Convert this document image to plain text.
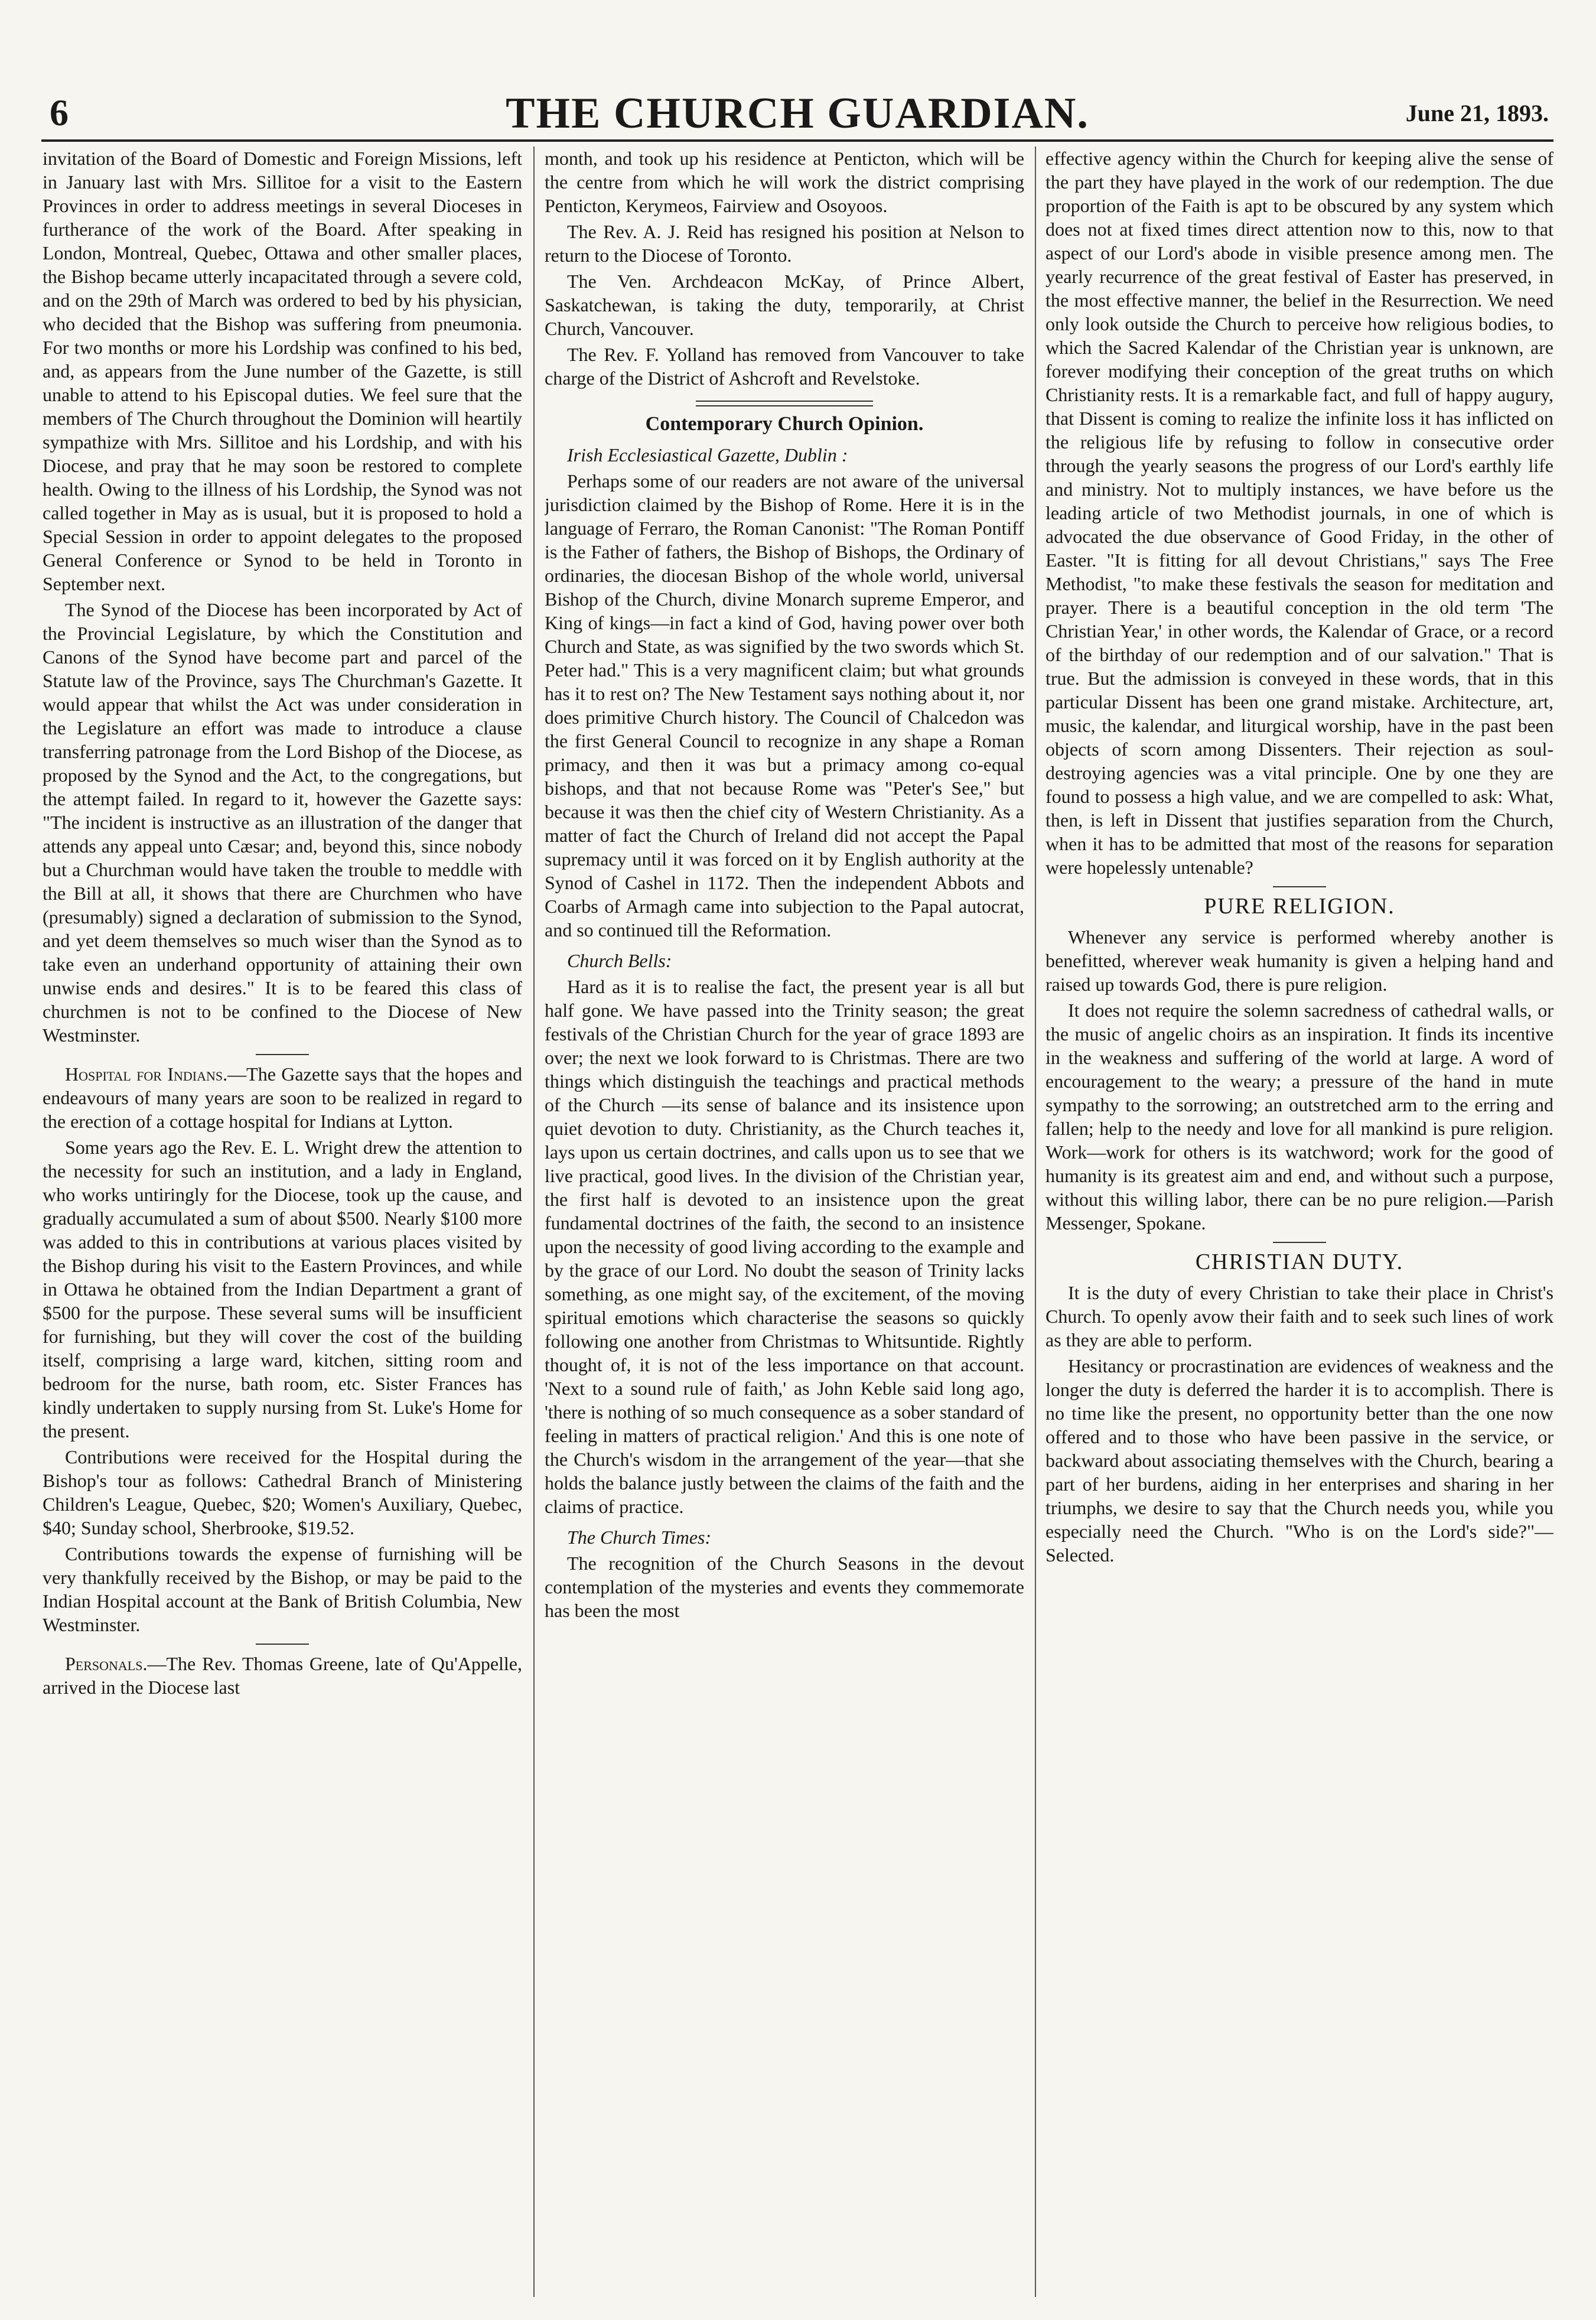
6	THE CHURCH GUARDIAN.	June 21, 1893.

invitation of the Board of Domestic and Foreign Missions, left in January last with Mrs. Sillitoe for a visit to the Eastern Provinces in order to address meetings in several Dioceses in furtherance of the work of the Board. After speaking in London, Montreal, Quebec, Ottawa and other smaller places, the Bishop became utterly incapacitated through a severe cold, and on the 29th of March was ordered to bed by his physician, who decided that the Bishop was suffering from pneumonia. For two months or more his Lordship was confined to his bed, and, as appears from the June number of the Gazette, is still unable to attend to his Episcopal duties. We feel sure that the members of The Church throughout the Dominion will heartily sympathize with Mrs. Sillitoe and his Lordship, and with his Diocese, and pray that he may soon be restored to complete health. Owing to the illness of his Lordship, the Synod was not called together in May as is usual, but it is proposed to hold a Special Session in order to appoint delegates to the proposed General Conference or Synod to be held in Toronto in September next.

The Synod of the Diocese has been incorporated by Act of the Provincial Legislature, by which the Constitution and Canons of the Synod have become part and parcel of the Statute law of the Province, says The Churchman's Gazette. It would appear that whilst the Act was under consideration in the Legislature an effort was made to introduce a clause transferring patronage from the Lord Bishop of the Diocese, as proposed by the Synod and the Act, to the congregations, but the attempt failed. In regard to it, however the Gazette says: "The incident is instructive as an illustration of the danger that attends any appeal unto Cæsar; and, beyond this, since nobody but a Churchman would have taken the trouble to meddle with the Bill at all, it shows that there are Churchmen who have (presumably) signed a declaration of submission to the Synod, and yet deem themselves so much wiser than the Synod as to take even an underhand opportunity of attaining their own unwise ends and desires." It is to be feared this class of churchmen is not to be confined to the Diocese of New Westminster.

Hospital for Indians.—The Gazette says that the hopes and endeavours of many years are soon to be realized in regard to the erection of a cottage hospital for Indians at Lytton.

Some years ago the Rev. E. L. Wright drew the attention to the necessity for such an institution, and a lady in England, who works untiringly for the Diocese, took up the cause, and gradually accumulated a sum of about $500. Nearly $100 more was added to this in contributions at various places visited by the Bishop during his visit to the Eastern Provinces, and while in Ottawa he obtained from the Indian Department a grant of $500 for the purpose. These several sums will be insufficient for furnishing, but they will cover the cost of the building itself, comprising a large ward, kitchen, sitting room and bedroom for the nurse, bath room, etc. Sister Frances has kindly undertaken to supply nursing from St. Luke's Home for the present.

Contributions were received for the Hospital during the Bishop's tour as follows: Cathedral Branch of Ministering Children's League, Quebec, $20; Women's Auxiliary, Quebec, $40; Sunday school, Sherbrooke, $19.52.

Contributions towards the expense of furnishing will be very thankfully received by the Bishop, or may be paid to the Indian Hospital account at the Bank of British Columbia, New Westminster.

Personals.—The Rev. Thomas Greene, late of Qu'Appelle, arrived in the Diocese last

month, and took up his residence at Penticton, which will be the centre from which he will work the district comprising Penticton, Kerymeos, Fairview and Osoyoos.

The Rev. A. J. Reid has resigned his position at Nelson to return to the Diocese of Toronto.

The Ven. Archdeacon McKay, of Prince Albert, Saskatchewan, is taking the duty, temporarily, at Christ Church, Vancouver.

The Rev. F. Yolland has removed from Vancouver to take charge of the District of Ashcroft and Revelstoke.

Contemporary Church Opinion.

Irish Ecclesiastical Gazette, Dublin :

Perhaps some of our readers are not aware of the universal jurisdiction claimed by the Bishop of Rome. Here it is in the language of Ferraro, the Roman Canonist: "The Roman Pontiff is the Father of fathers, the Bishop of Bishops, the Ordinary of ordinaries, the diocesan Bishop of the whole world, universal Bishop of the Church, divine Monarch supreme Emperor, and King of kings—in fact a kind of God, having power over both Church and State, as was signified by the two swords which St. Peter had." This is a very magnificent claim; but what grounds has it to rest on? The New Testament says nothing about it, nor does primitive Church history. The Council of Chalcedon was the first General Council to recognize in any shape a Roman primacy, and then it was but a primacy among co-equal bishops, and that not because Rome was "Peter's See," but because it was then the chief city of Western Christianity. As a matter of fact the Church of Ireland did not accept the Papal supremacy until it was forced on it by English authority at the Synod of Cashel in 1172. Then the independent Abbots and Coarbs of Armagh came into subjection to the Papal autocrat, and so continued till the Reformation.

Church Bells:

Hard as it is to realise the fact, the present year is all but half gone. We have passed into the Trinity season; the great festivals of the Christian Church for the year of grace 1893 are over; the next we look forward to is Christmas. There are two things which distinguish the teachings and practical methods of the Church —its sense of balance and its insistence upon quiet devotion to duty. Christianity, as the Church teaches it, lays upon us certain doctrines, and calls upon us to see that we live practical, good lives. In the division of the Christian year, the first half is devoted to an insistence upon the great fundamental doctrines of the faith, the second to an insistence upon the necessity of good living according to the example and by the grace of our Lord. No doubt the season of Trinity lacks something, as one might say, of the excitement, of the moving spiritual emotions which characterise the seasons so quickly following one another from Christmas to Whitsuntide. Rightly thought of, it is not of the less importance on that account. 'Next to a sound rule of faith,' as John Keble said long ago, 'there is nothing of so much consequence as a sober standard of feeling in matters of practical religion.' And this is one note of the Church's wisdom in the arrangement of the year—that she holds the balance justly between the claims of the faith and the claims of practice.

The Church Times:

The recognition of the Church Seasons in the devout contemplation of the mysteries and events they commemorate has been the most

effective agency within the Church for keeping alive the sense of the part they have played in the work of our redemption. The due proportion of the Faith is apt to be obscured by any system which does not at fixed times direct attention now to this, now to that aspect of our Lord's abode in visible presence among men. The yearly recurrence of the great festival of Easter has preserved, in the most effective manner, the belief in the Resurrection. We need only look outside the Church to perceive how religious bodies, to which the Sacred Kalendar of the Christian year is unknown, are forever modifying their conception of the great truths on which Christianity rests. It is a remarkable fact, and full of happy augury, that Dissent is coming to realize the infinite loss it has inflicted on the religious life by refusing to follow in consecutive order through the yearly seasons the progress of our Lord's earthly life and ministry. Not to multiply instances, we have before us the leading article of two Methodist journals, in one of which is advocated the due observance of Good Friday, in the other of Easter. "It is fitting for all devout Christians," says The Free Methodist, "to make these festivals the season for meditation and prayer. There is a beautiful conception in the old term 'The Christian Year,' in other words, the Kalendar of Grace, or a record of the birthday of our redemption and of our salvation." That is true. But the admission is conveyed in these words, that in this particular Dissent has been one grand mistake. Architecture, art, music, the kalendar, and liturgical worship, have in the past been objects of scorn among Dissenters. Their rejection as soul-destroying agencies was a vital principle. One by one they are found to possess a high value, and we are compelled to ask: What, then, is left in Dissent that justifies separation from the Church, when it has to be admitted that most of the reasons for separation were hopelessly untenable?

PURE RELIGION.

Whenever any service is performed whereby another is benefitted, wherever weak humanity is given a helping hand and raised up towards God, there is pure religion.

It does not require the solemn sacredness of cathedral walls, or the music of angelic choirs as an inspiration. It finds its incentive in the weakness and suffering of the world at large. A word of encouragement to the weary; a pressure of the hand in mute sympathy to the sorrowing; an outstretched arm to the erring and fallen; help to the needy and love for all mankind is pure religion. Work—work for others is its watchword; work for the good of humanity is its greatest aim and end, and without such a purpose, without this willing labor, there can be no pure religion.—Parish Messenger, Spokane.

CHRISTIAN DUTY.

It is the duty of every Christian to take their place in Christ's Church. To openly avow their faith and to seek such lines of work as they are able to perform.

Hesitancy or procrastination are evidences of weakness and the longer the duty is deferred the harder it is to accomplish. There is no time like the present, no opportunity better than the one now offered and to those who have been passive in the service, or backward about associating themselves with the Church, bearing a part of her burdens, aiding in her enterprises and sharing in her triumphs, we desire to say that the Church needs you, while you especially need the Church. "Who is on the Lord's side?"—Selected.
